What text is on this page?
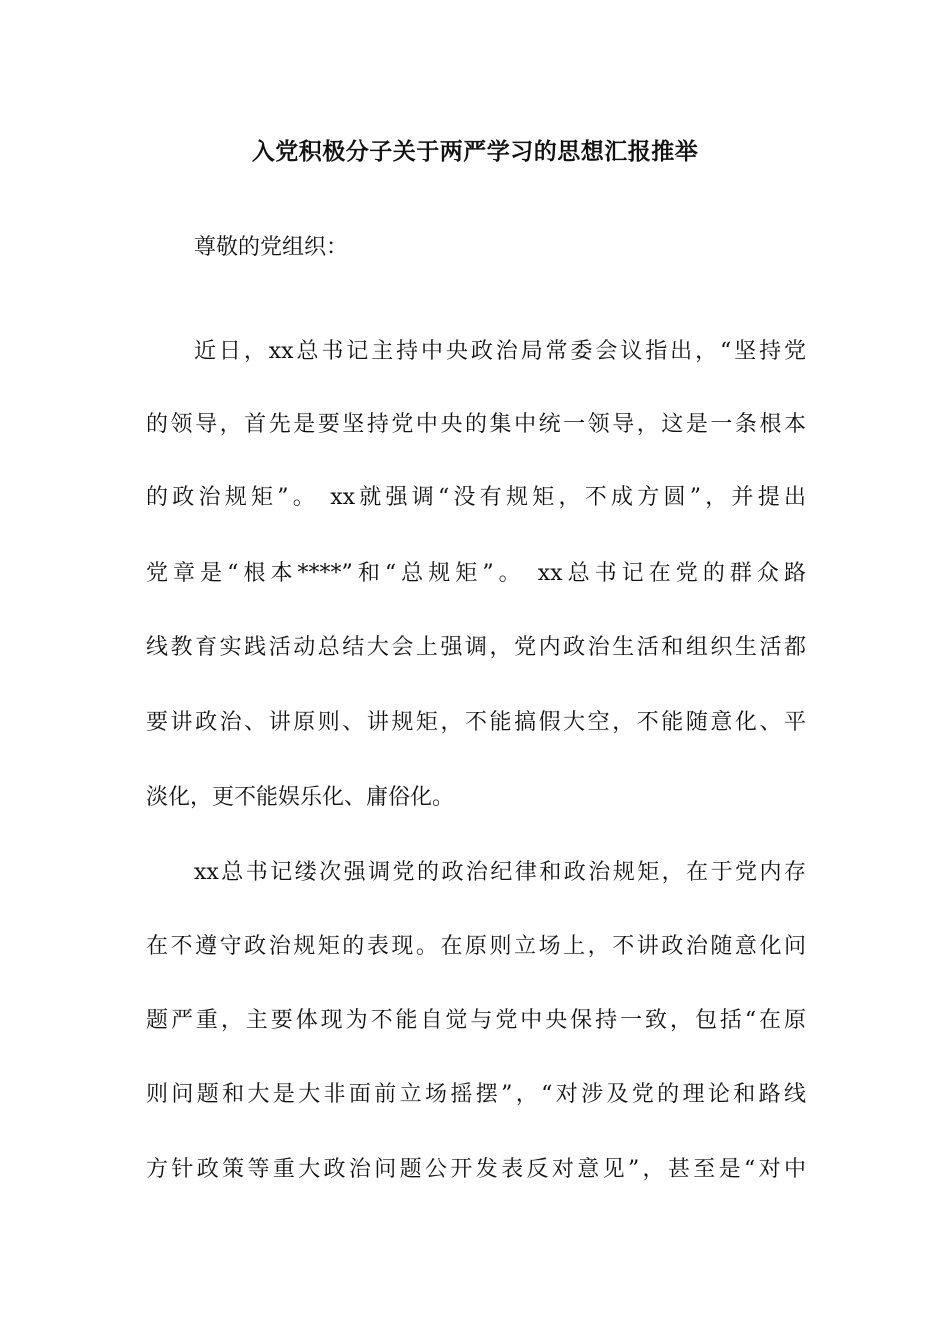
入党积极分子关于两严学习的思想汇报推举
尊敬的党组织：
近日，xx总书记主持中央政治局常委会议指出，“坚持党
的领导，首先是要坚持党中央的集中统一领导，这是一条根本
的政治规矩”。 xx就强调“没有规矩，不成方圆”，并提出
党章是“根本****”和“总规矩”。 xx总书记在党的群众路
线教育实践活动总结大会上强调，党内政治生活和组织生活都
要讲政治、讲原则、讲规矩，不能搞假大空，不能随意化、平
淡化，更不能娱乐化、庸俗化。
xx总书记缕次强调党的政治纪律和政治规矩，在于党内存
在不遵守政治规矩的表现。在原则立场上，不讲政治随意化问
题严重，主要体现为不能自觉与党中央保持一致，包括“在原
则问题和大是大非面前立场摇摆”，“对涉及党的理论和路线
方针政策等重大政治问题公开发表反对意见”，甚至是“对中
